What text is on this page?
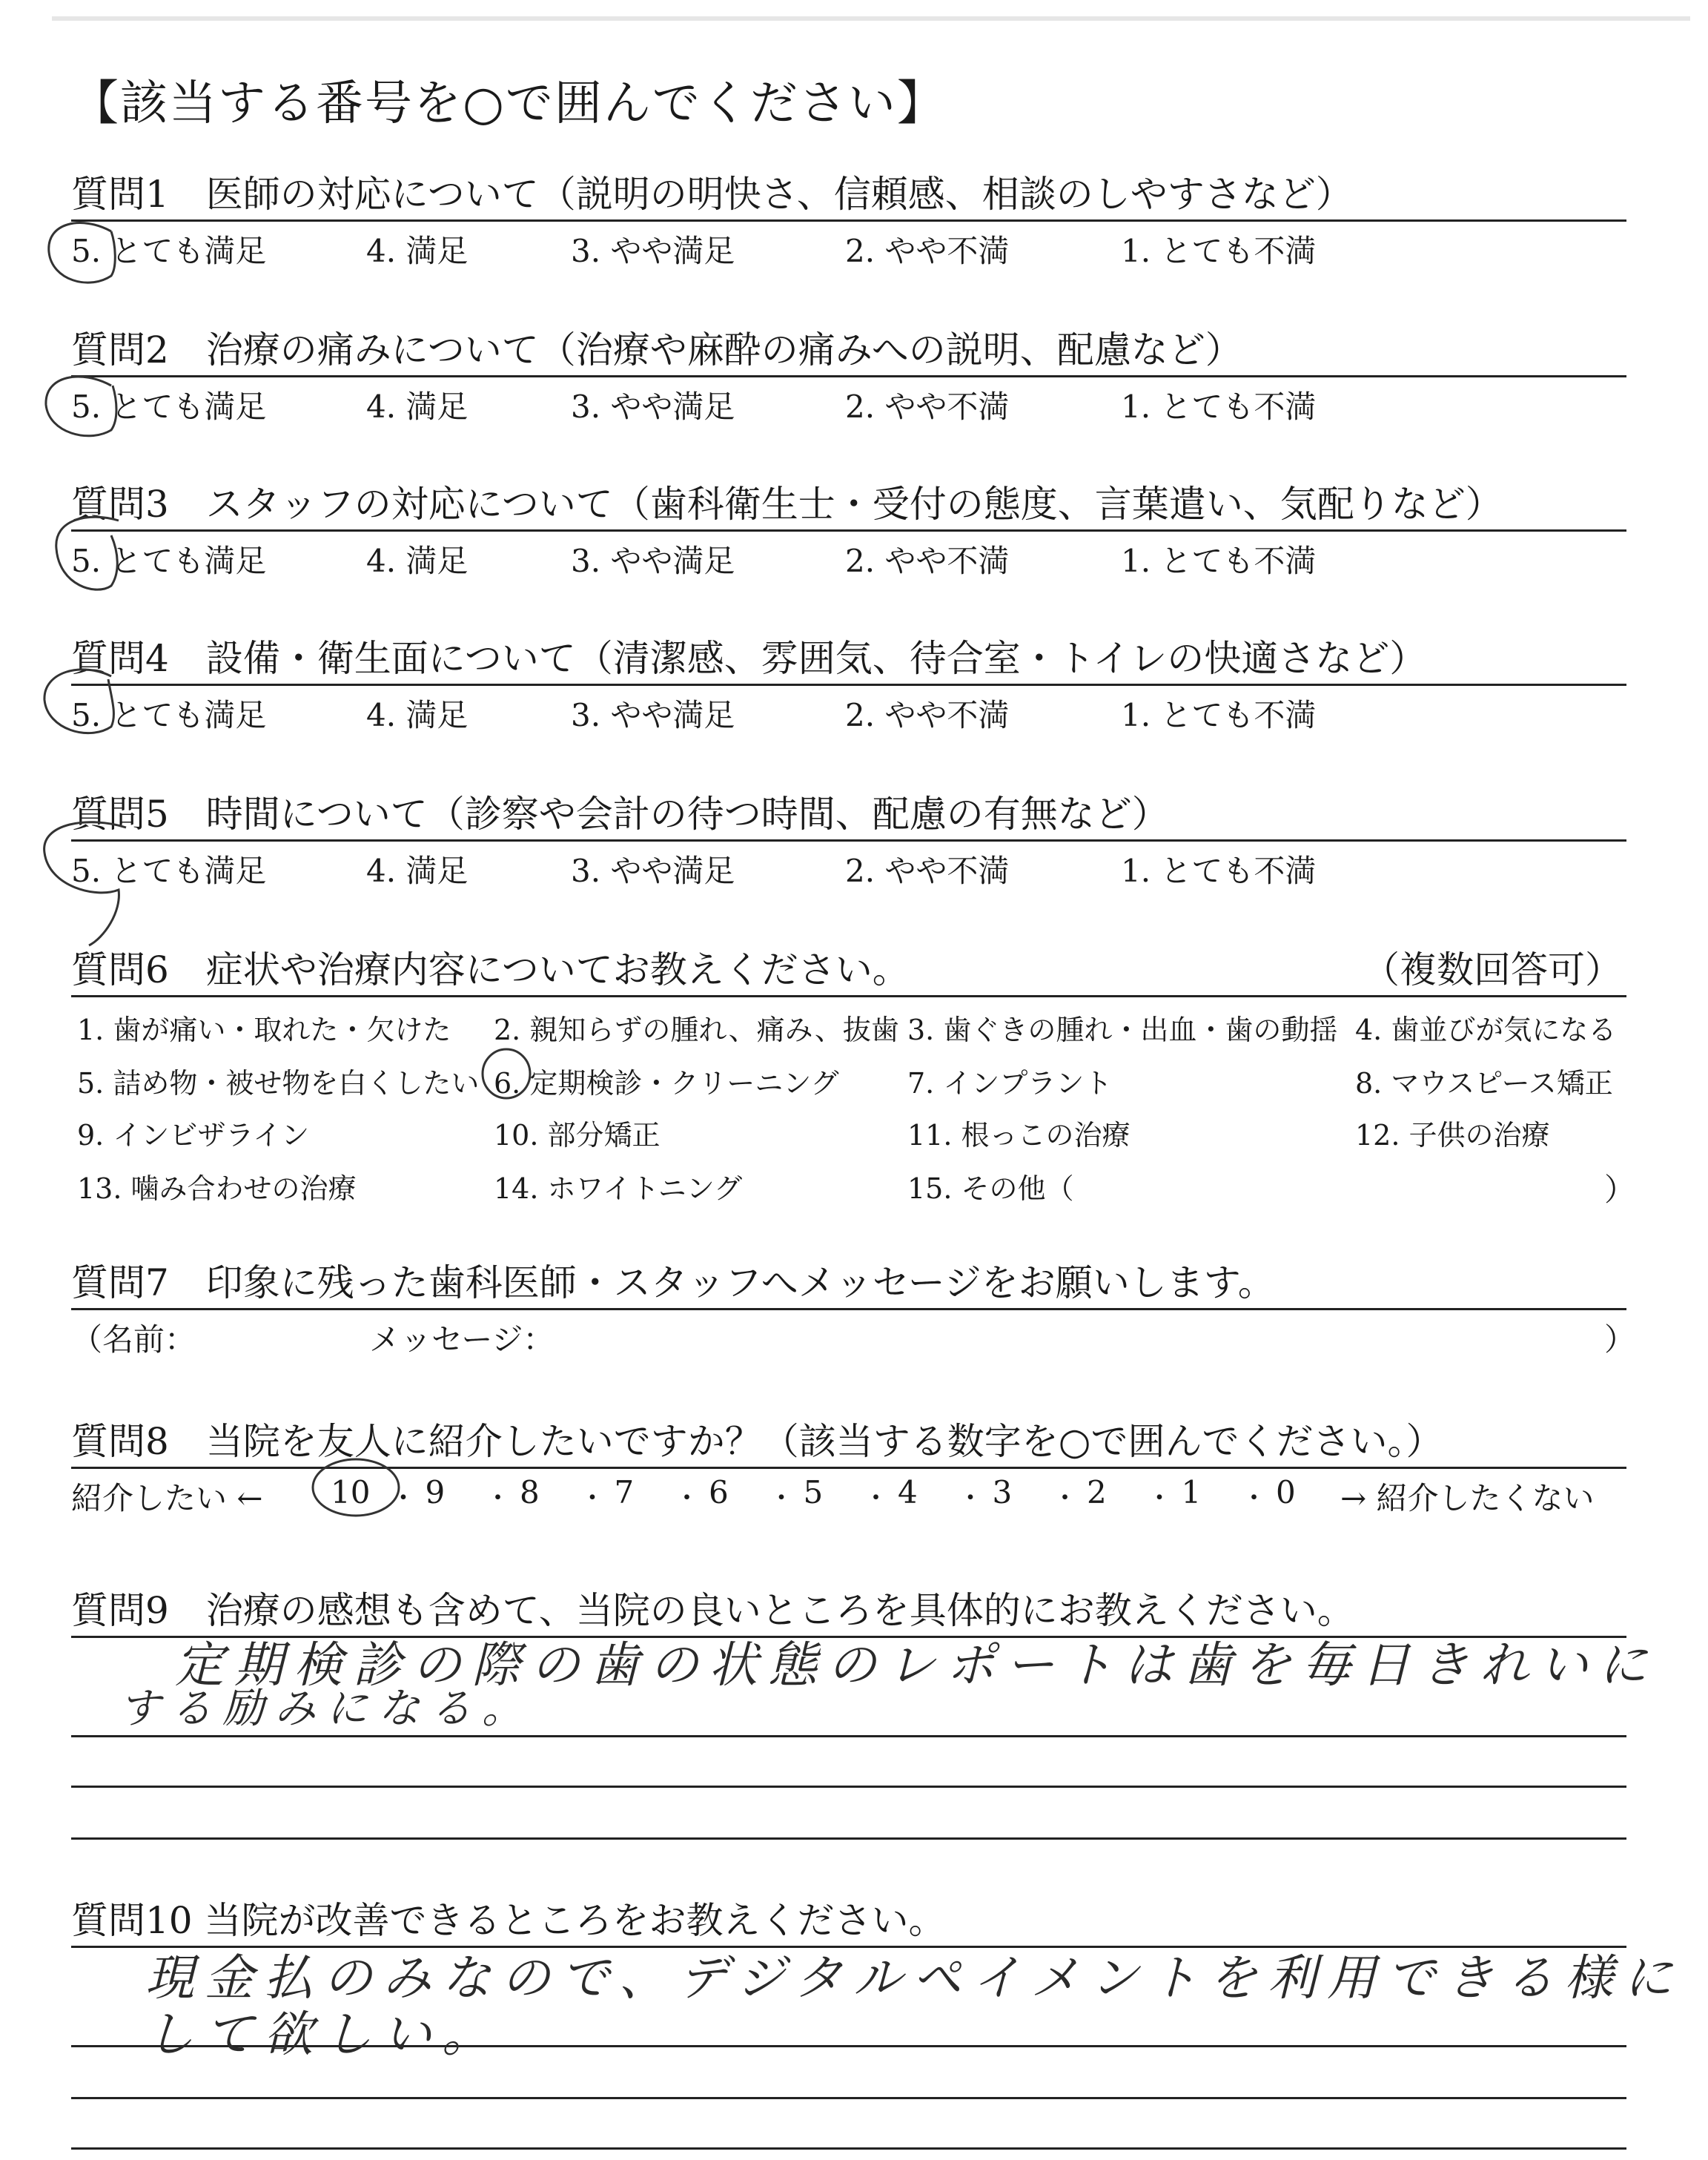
【該当する番号を○で囲んでください】
質問1　医師の対応について（説明の明快さ、信頼感、相談のしやすさなど）
5. とても満足	4. 満足	3. やや満足	2. やや不満	1. とても不満
質問2　治療の痛みについて（治療や麻酔の痛みへの説明、配慮など）
5. とても満足	4. 満足	3. やや満足	2. やや不満	1. とても不満
質問3　スタッフの対応について（歯科衛生士・受付の態度、言葉遣い、気配りなど）
5. とても満足	4. 満足	3. やや満足	2. やや不満	1. とても不満
質問4　設備・衛生面について（清潔感、雰囲気、待合室・トイレの快適さなど）
5. とても満足	4. 満足	3. やや満足	2. やや不満	1. とても不満
質問5　時間について（診察や会計の待つ時間、配慮の有無など）
5. とても満足	4. 満足	3. やや満足	2. やや不満	1. とても不満
質問6　症状や治療内容についてお教えください。	（複数回答可）
1. 歯が痛い・取れた・欠けた 2. 親知らずの腫れ、痛み、抜歯 3. 歯ぐきの腫れ・出血・歯の動揺 4. 歯並びが気になる
5. 詰め物・被せ物を白くしたい 6. 定期検診・クリーニング 7. インプラント	8. マウスピース矯正
9. インビザライン	10. 部分矯正	11. 根っこの治療	12. 子供の治療
13. 噛み合わせの治療	14. ホワイトニング	15. その他（	）
質問7　印象に残った歯科医師・スタッフへメッセージをお願いします。
（名前：	メッセージ：	）
質問8　当院を友人に紹介したいですか？（該当する数字を○で囲んでください。）
紹介したい ← 10 ・ 9 ・ 8 ・ 7 ・ 6 ・ 5 ・ 4 ・ 3 ・ 2 ・ 1 ・ 0 → 紹介したくない
質問9　治療の感想も含めて、当院の良いところを具体的にお教えください。
定期検診の際の歯の状態のレポートは歯を毎日きれいに
する励みになる。
質問10 当院が改善できるところをお教えください。
現金払のみなので、デジタルペイメントを利用できる様に
して欲しい。
